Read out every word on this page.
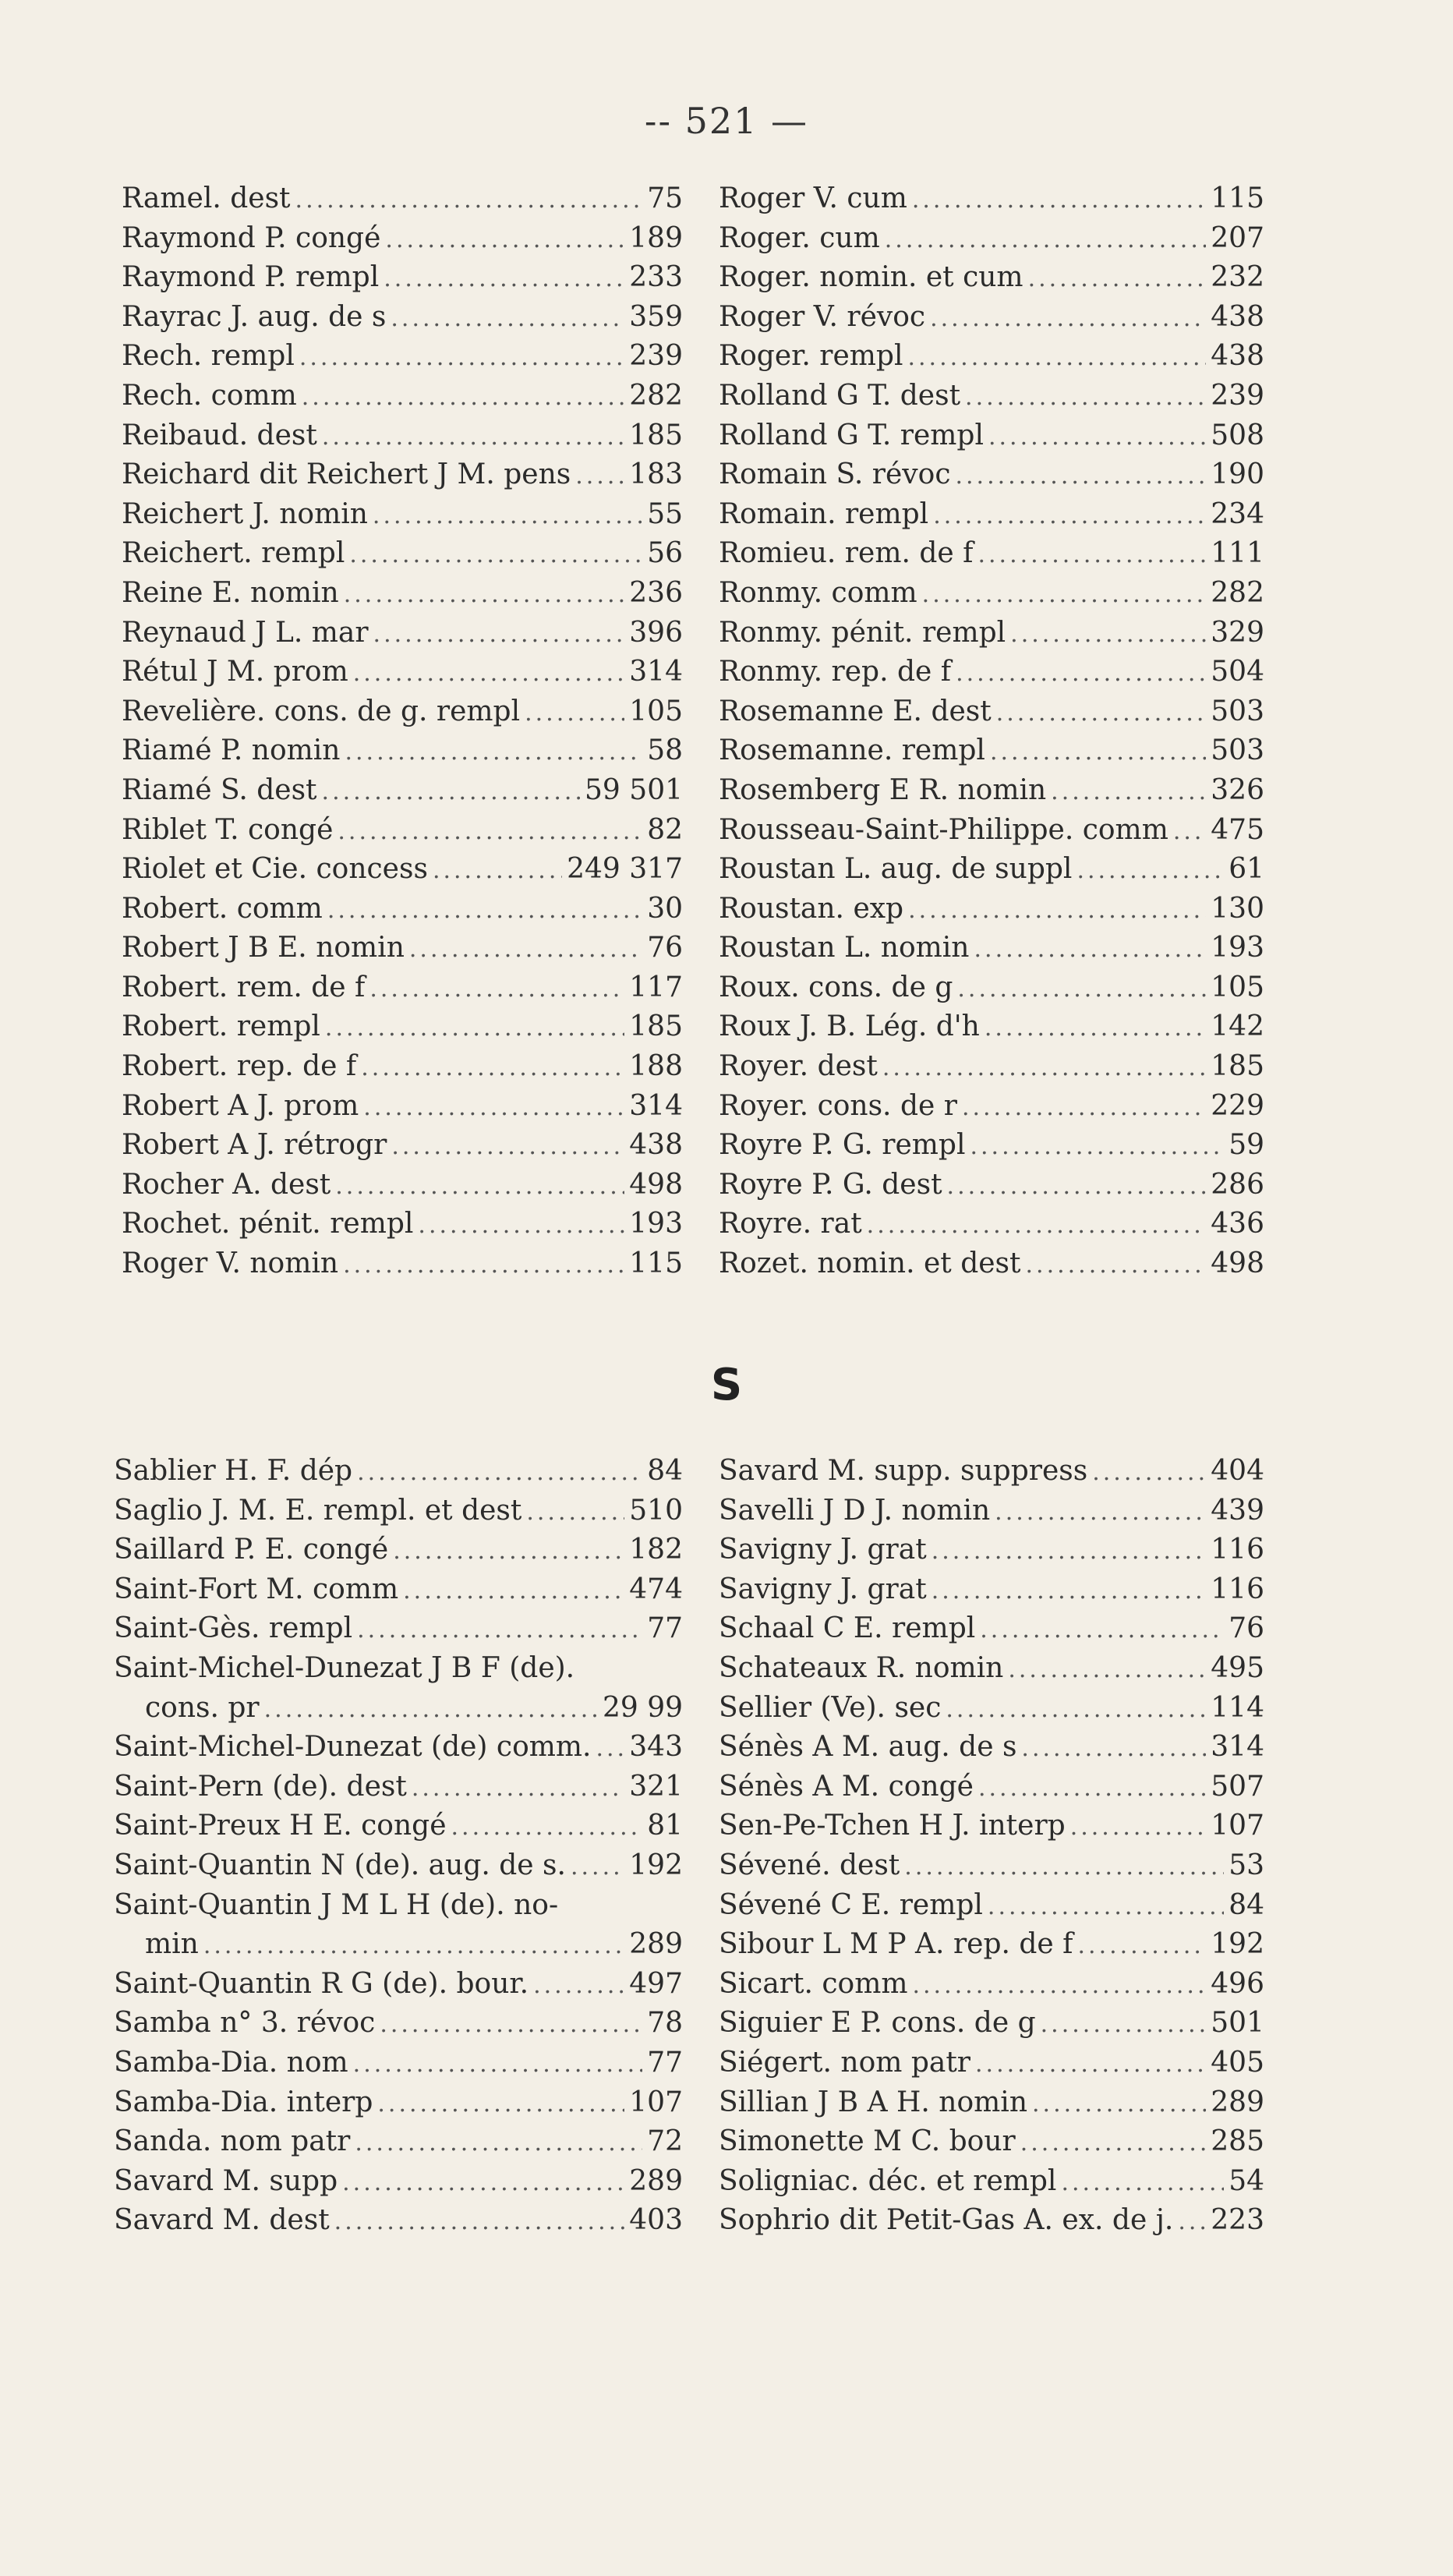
-- 521 —
Ramel. dest .....	75
Raymond P. congé .....	189
Raymond P. rempl .....	233
Rayrac J. aug. de s .....	359
Rech. rempl .....	239
Rech. comm .....	282
Reibaud. dest .....	185
Reichard dit Reichert J M. pens ..... 183
Reichert J. nomin .....	55
Reichert. rempl .....	56
Reine E. nomin .....	236
Reynaud J L. mar .....	396
Rétul J M. prom .....	314
Revelière. cons. de g. rempl .....	105
Riamé P. nomin .....	58
Riamé S. dest .....	59 501
Riblet T. congé .....	82
Riolet et Cie. concess .....	249 317
Robert. comm .....	30
Robert J B E. nomin .....	76
Robert. rem. de f .....	117
Robert. rempl .....	185
Robert. rep. de f .....	188
Robert A J. prom .....	314
Robert A J. rétrogr .....	438
Rocher A. dest .....	498
Rochet. pénit. rempl .....	193
Roger V. nomin .....	115
Roger V. cum .....	115
Roger. cum .....	207
Roger. nomin. et cum .....	232
Roger V. révoc .....	438
Roger. rempl .....	438
Rolland G T. dest .....	239
Rolland G T. rempl .....	508
Romain S. révoc .....	190
Romain. rempl .....	234
Romieu. rem. de f .....	111
Ronmy. comm .....	282
Ronmy. pénit. rempl .....	329
Ronmy. rep. de f .....	504
Rosemanne E. dest .....	503
Rosemanne. rempl .....	503
Rosemberg E R. nomin .....	326
Rousseau-Saint-Philippe. comm ..... 475
Roustan L. aug. de suppl .....	61
Roustan. exp .....	130
Roustan L. nomin .....	193
Roux. cons. de g .....	105
Roux J. B. Lég. d'h .....	142
Royer. dest .....	185
Royer. cons. de r .....	229
Royre P. G. rempl .....	59
Royre P. G. dest .....	286
Royre. rat .....	436
Rozet. nomin. et dest .....	498
S
Sablier H. F. dép .....	84
Saglio J. M. E. rempl. et dest .....	510
Saillard P. E. congé .....	182
Saint-Fort M. comm .....	474
Saint-Gès. rempl .....	77
Saint-Michel-Dunezat J B F (de).
cons. pr .....	29 99
Saint-Michel-Dunezat (de) comm. ..... 343
Saint-Pern (de). dest .....	321
Saint-Preux H E. congé .....	81
Saint-Quantin N (de). aug. de s. ..... 192
Saint-Quantin J M L H (de). no-
min .....	289
Saint-Quantin R G (de). bour. .....	497
Samba n° 3. révoc .....	78
Samba-Dia. nom .....	77
Samba-Dia. interp .....	107
Sanda. nom patr .....	72
Savard M. supp .....	289
Savard M. dest .....	403
Savard M. supp. suppress .....	404
Savelli J D J. nomin .....	439
Savigny J. grat .....	116
Savigny J. grat .....	116
Schaal C E. rempl .....	76
Schateaux R. nomin .....	495
Sellier (Ve). sec .....	114
Sénès A M. aug. de s .....	314
Sénès A M. congé .....	507
Sen-Pe-Tchen H J. interp .....	107
Sévené. dest .....	53
Sévené C E. rempl .....	84
Sibour L M P A. rep. de f .....	192
Sicart. comm .....	496
Siguier E P. cons. de g .....	501
Siégert. nom patr .....	405
Sillian J B A H. nomin .....	289
Simonette M C. bour .....	285
Soligniac. déc. et rempl .....	54
Sophrio dit Petit-Gas A. ex. de j. ..... 223
